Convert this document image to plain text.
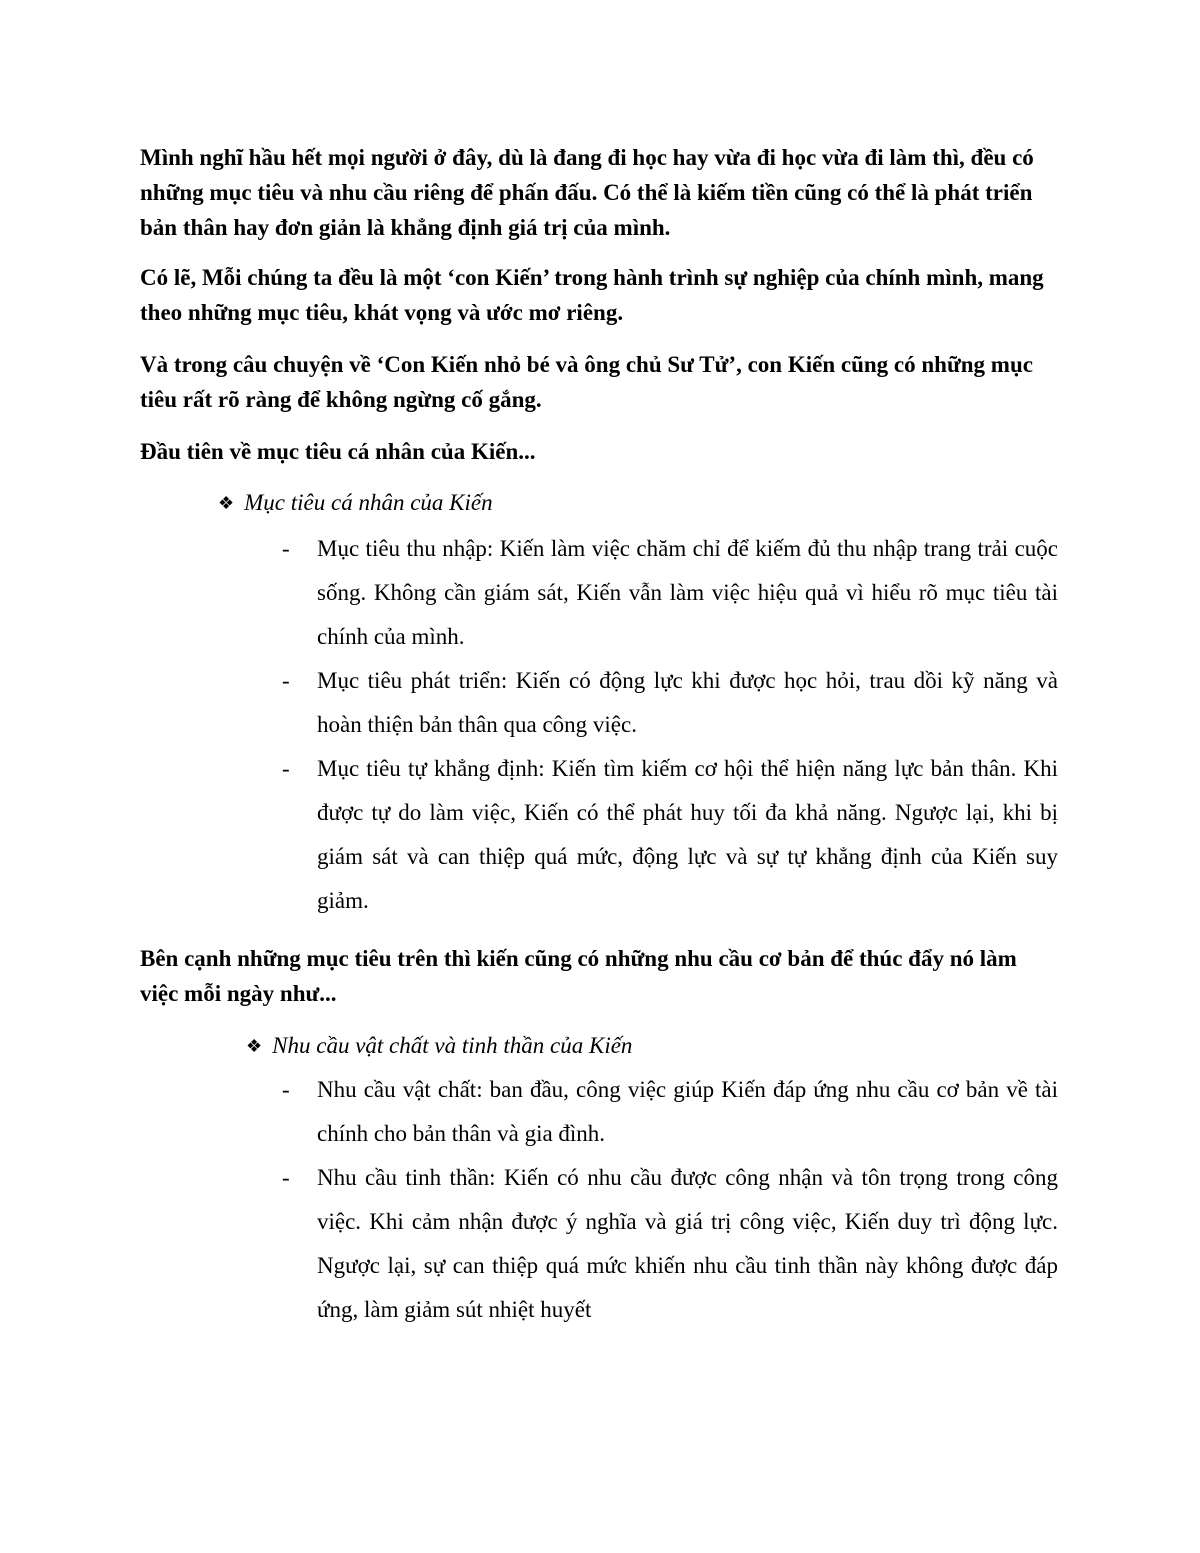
Mình nghĩ hầu hết mọi người ở đây, dù là đang đi học hay vừa đi học vừa đi làm thì, đều có những mục tiêu và nhu cầu riêng để phấn đấu. Có thể là kiếm tiền cũng có thể là phát triển bản thân hay đơn giản là khẳng định giá trị của mình.

Có lẽ, Mỗi chúng ta đều là một ‘con Kiến’ trong hành trình sự nghiệp của chính mình, mang theo những mục tiêu, khát vọng và ước mơ riêng.

Và trong câu chuyện về ‘Con Kiến nhỏ bé và ông chủ Sư Tử’, con Kiến cũng có những mục tiêu rất rõ ràng để không ngừng cố gắng.

Đầu tiên về mục tiêu cá nhân của Kiến...

❖ Mục tiêu cá nhân của Kiến
- Mục tiêu thu nhập: Kiến làm việc chăm chỉ để kiếm đủ thu nhập trang trải cuộc sống. Không cần giám sát, Kiến vẫn làm việc hiệu quả vì hiểu rõ mục tiêu tài chính của mình.
- Mục tiêu phát triển: Kiến có động lực khi được học hỏi, trau dồi kỹ năng và hoàn thiện bản thân qua công việc.
- Mục tiêu tự khẳng định: Kiến tìm kiếm cơ hội thể hiện năng lực bản thân. Khi được tự do làm việc, Kiến có thể phát huy tối đa khả năng. Ngược lại, khi bị giám sát và can thiệp quá mức, động lực và sự tự khẳng định của Kiến suy giảm.

Bên cạnh những mục tiêu trên thì kiến cũng có những nhu cầu cơ bản để thúc đẩy nó làm việc mỗi ngày như...

❖ Nhu cầu vật chất và tinh thần của Kiến
- Nhu cầu vật chất: ban đầu, công việc giúp Kiến đáp ứng nhu cầu cơ bản về tài chính cho bản thân và gia đình.
- Nhu cầu tinh thần: Kiến có nhu cầu được công nhận và tôn trọng trong công việc. Khi cảm nhận được ý nghĩa và giá trị công việc, Kiến duy trì động lực. Ngược lại, sự can thiệp quá mức khiến nhu cầu tinh thần này không được đáp ứng, làm giảm sút nhiệt huyết
